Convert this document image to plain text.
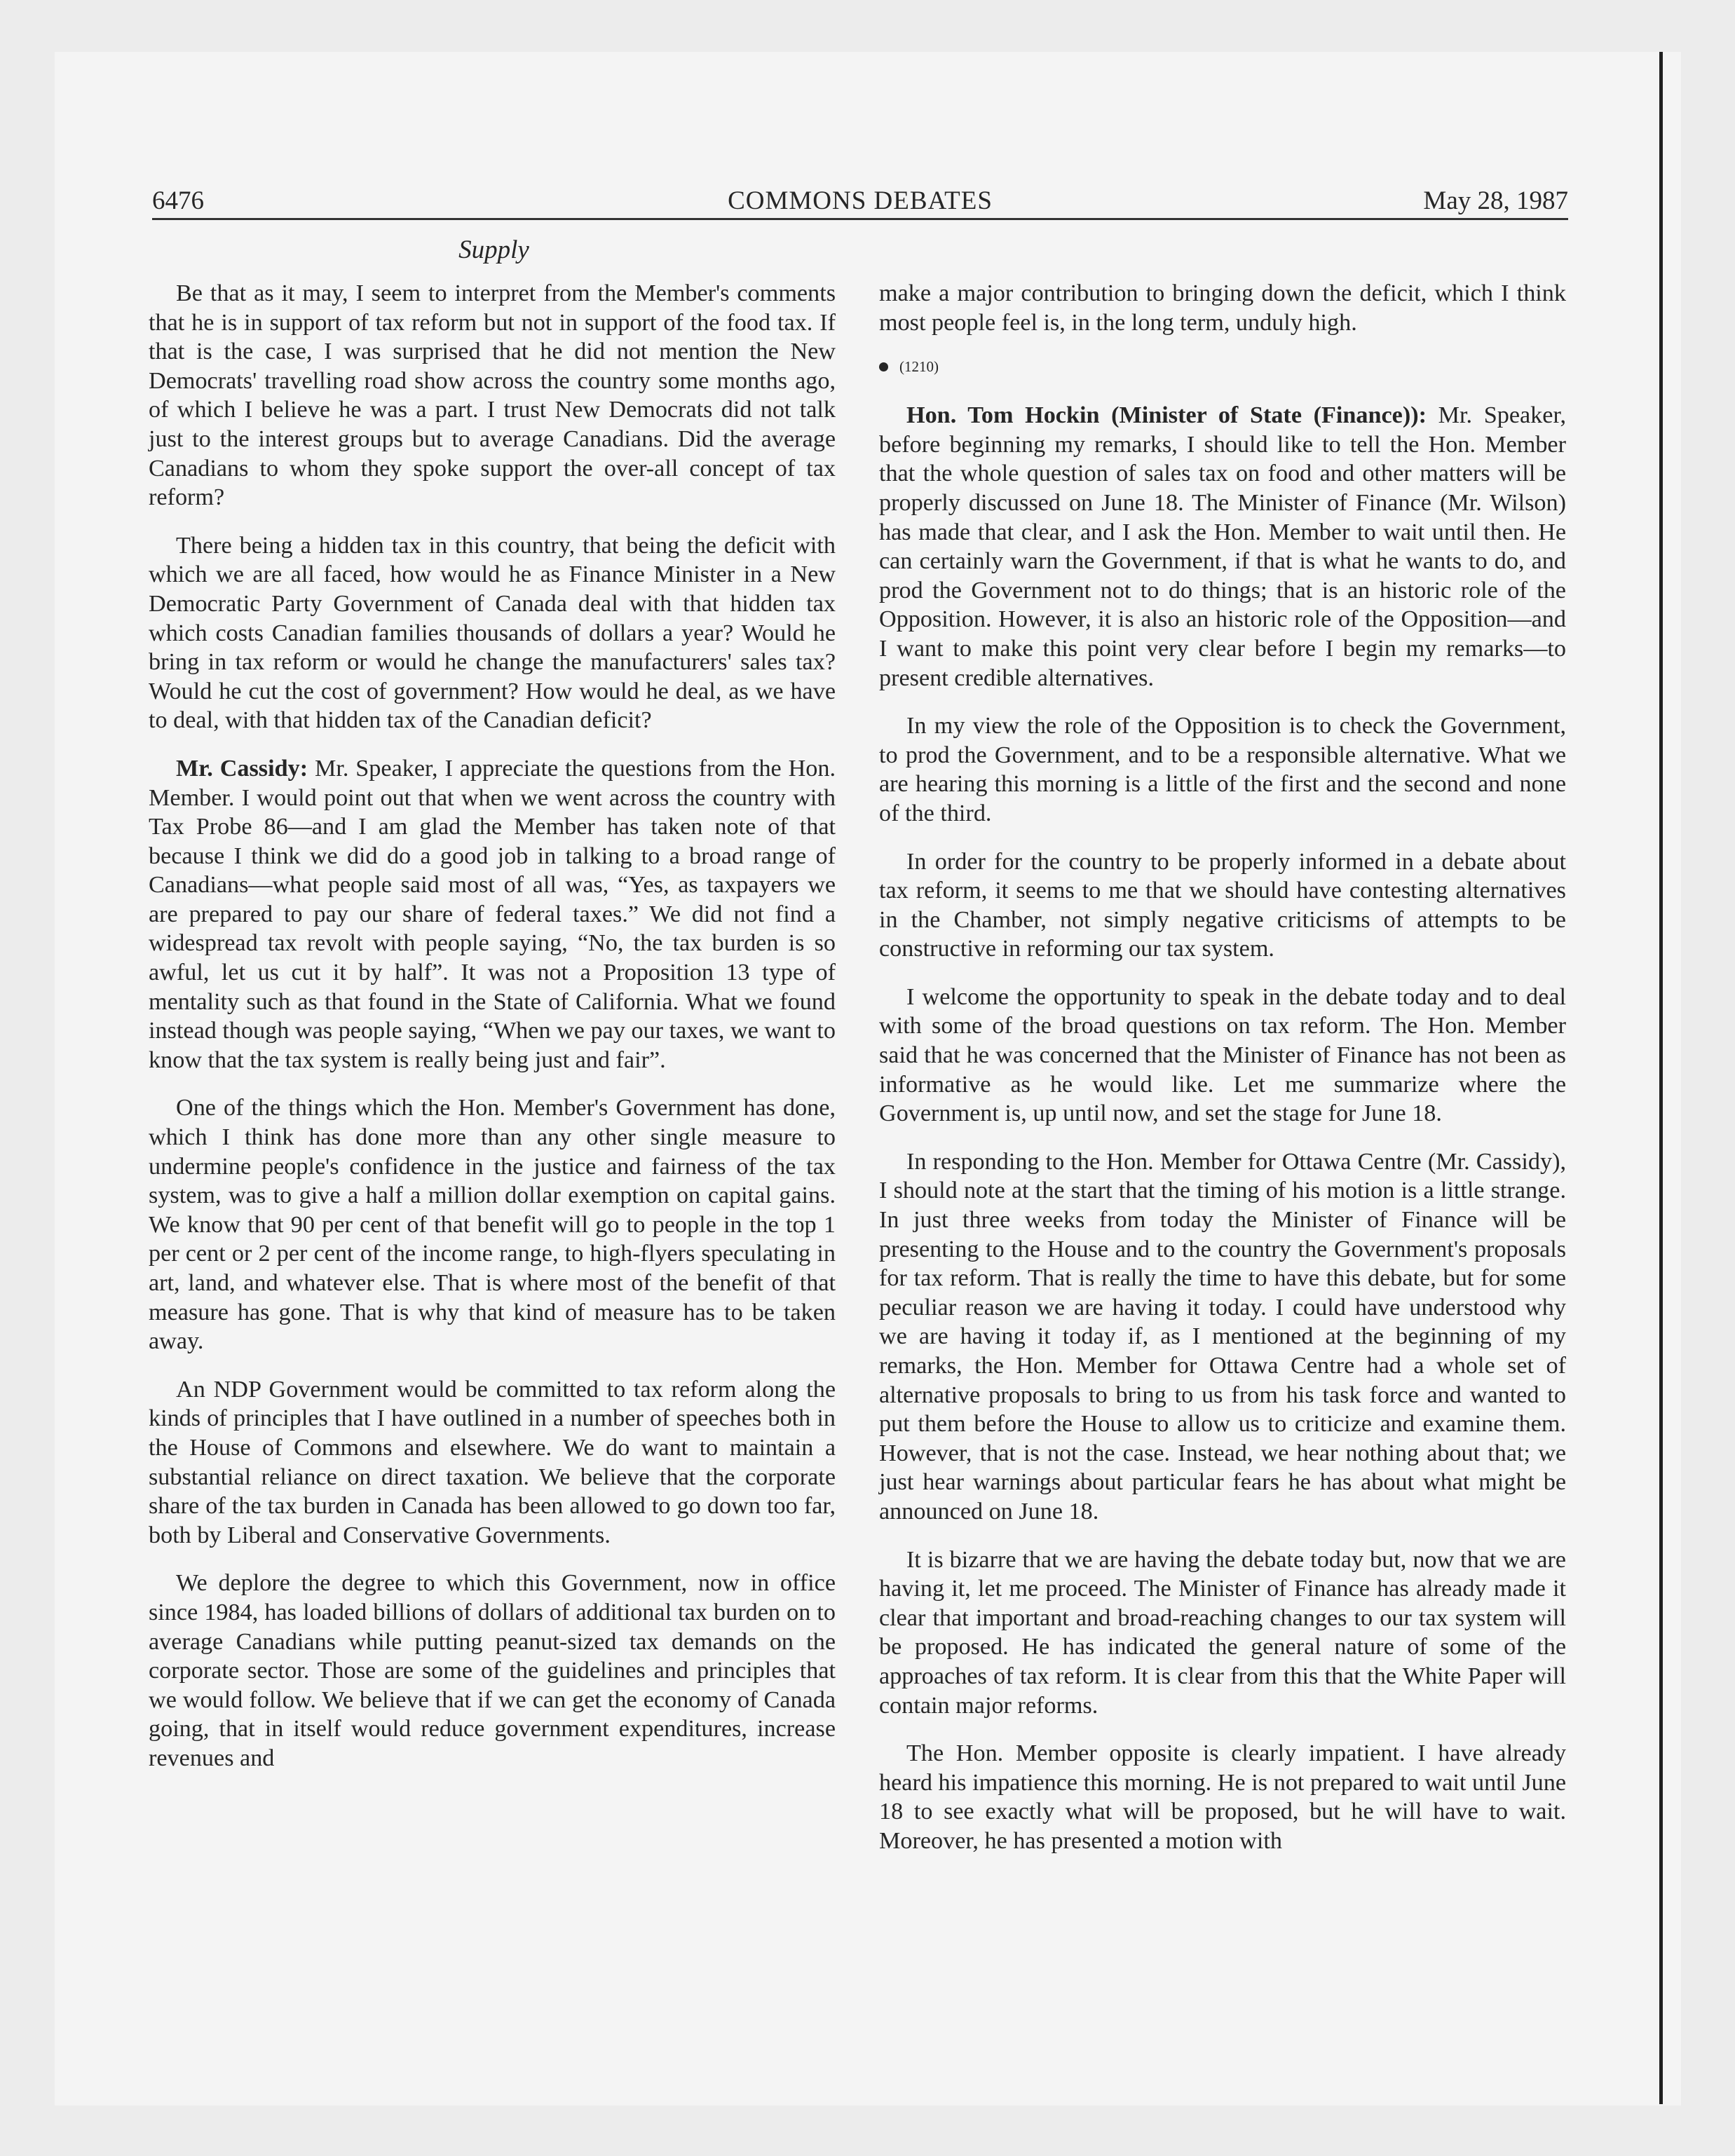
6476	COMMONS DEBATES	May 28, 1987
Supply

Be that as it may, I seem to interpret from the Member's comments that he is in support of tax reform but not in support of the food tax. If that is the case, I was surprised that he did not mention the New Democrats' travelling road show across the country some months ago, of which I believe he was a part. I trust New Democrats did not talk just to the interest groups but to average Canadians. Did the average Canadians to whom they spoke support the over-all concept of tax reform?

There being a hidden tax in this country, that being the deficit with which we are all faced, how would he as Finance Minister in a New Democratic Party Government of Canada deal with that hidden tax which costs Canadian families thousands of dollars a year? Would he bring in tax reform or would he change the manufacturers' sales tax? Would he cut the cost of government? How would he deal, as we have to deal, with that hidden tax of the Canadian deficit?

Mr. Cassidy: Mr. Speaker, I appreciate the questions from the Hon. Member. I would point out that when we went across the country with Tax Probe 86—and I am glad the Member has taken note of that because I think we did do a good job in talking to a broad range of Canadians—what people said most of all was, “Yes, as taxpayers we are prepared to pay our share of federal taxes.” We did not find a widespread tax revolt with people saying, “No, the tax burden is so awful, let us cut it by half”. It was not a Proposition 13 type of mentality such as that found in the State of California. What we found instead though was people saying, “When we pay our taxes, we want to know that the tax system is really being just and fair”.

One of the things which the Hon. Member's Government has done, which I think has done more than any other single measure to undermine people's confidence in the justice and fairness of the tax system, was to give a half a million dollar exemption on capital gains. We know that 90 per cent of that benefit will go to people in the top 1 per cent or 2 per cent of the income range, to high-flyers speculating in art, land, and whatever else. That is where most of the benefit of that measure has gone. That is why that kind of measure has to be taken away.

An NDP Government would be committed to tax reform along the kinds of principles that I have outlined in a number of speeches both in the House of Commons and elsewhere. We do want to maintain a substantial reliance on direct taxation. We believe that the corporate share of the tax burden in Canada has been allowed to go down too far, both by Liberal and Conservative Governments.

We deplore the degree to which this Government, now in office since 1984, has loaded billions of dollars of additional tax burden on to average Canadians while putting peanut-sized tax demands on the corporate sector. Those are some of the guidelines and principles that we would follow. We believe that if we can get the economy of Canada going, that in itself would reduce government expenditures, increase revenues and

make a major contribution to bringing down the deficit, which I think most people feel is, in the long term, unduly high.

(1210)

Hon. Tom Hockin (Minister of State (Finance)): Mr. Speaker, before beginning my remarks, I should like to tell the Hon. Member that the whole question of sales tax on food and other matters will be properly discussed on June 18. The Minister of Finance (Mr. Wilson) has made that clear, and I ask the Hon. Member to wait until then. He can certainly warn the Government, if that is what he wants to do, and prod the Government not to do things; that is an historic role of the Opposition. However, it is also an historic role of the Opposition—and I want to make this point very clear before I begin my remarks—to present credible alternatives.

In my view the role of the Opposition is to check the Government, to prod the Government, and to be a responsible alternative. What we are hearing this morning is a little of the first and the second and none of the third.

In order for the country to be properly informed in a debate about tax reform, it seems to me that we should have contesting alternatives in the Chamber, not simply negative criticisms of attempts to be constructive in reforming our tax system.

I welcome the opportunity to speak in the debate today and to deal with some of the broad questions on tax reform. The Hon. Member said that he was concerned that the Minister of Finance has not been as informative as he would like. Let me summarize where the Government is, up until now, and set the stage for June 18.

In responding to the Hon. Member for Ottawa Centre (Mr. Cassidy), I should note at the start that the timing of his motion is a little strange. In just three weeks from today the Minister of Finance will be presenting to the House and to the country the Government's proposals for tax reform. That is really the time to have this debate, but for some peculiar reason we are having it today. I could have understood why we are having it today if, as I mentioned at the beginning of my remarks, the Hon. Member for Ottawa Centre had a whole set of alternative proposals to bring to us from his task force and wanted to put them before the House to allow us to criticize and examine them. However, that is not the case. Instead, we hear nothing about that; we just hear warnings about particular fears he has about what might be announced on June 18.

It is bizarre that we are having the debate today but, now that we are having it, let me proceed. The Minister of Finance has already made it clear that important and broad-reaching changes to our tax system will be proposed. He has indicated the general nature of some of the approaches of tax reform. It is clear from this that the White Paper will contain major reforms.

The Hon. Member opposite is clearly impatient. I have already heard his impatience this morning. He is not prepared to wait until June 18 to see exactly what will be proposed, but he will have to wait. Moreover, he has presented a motion with
